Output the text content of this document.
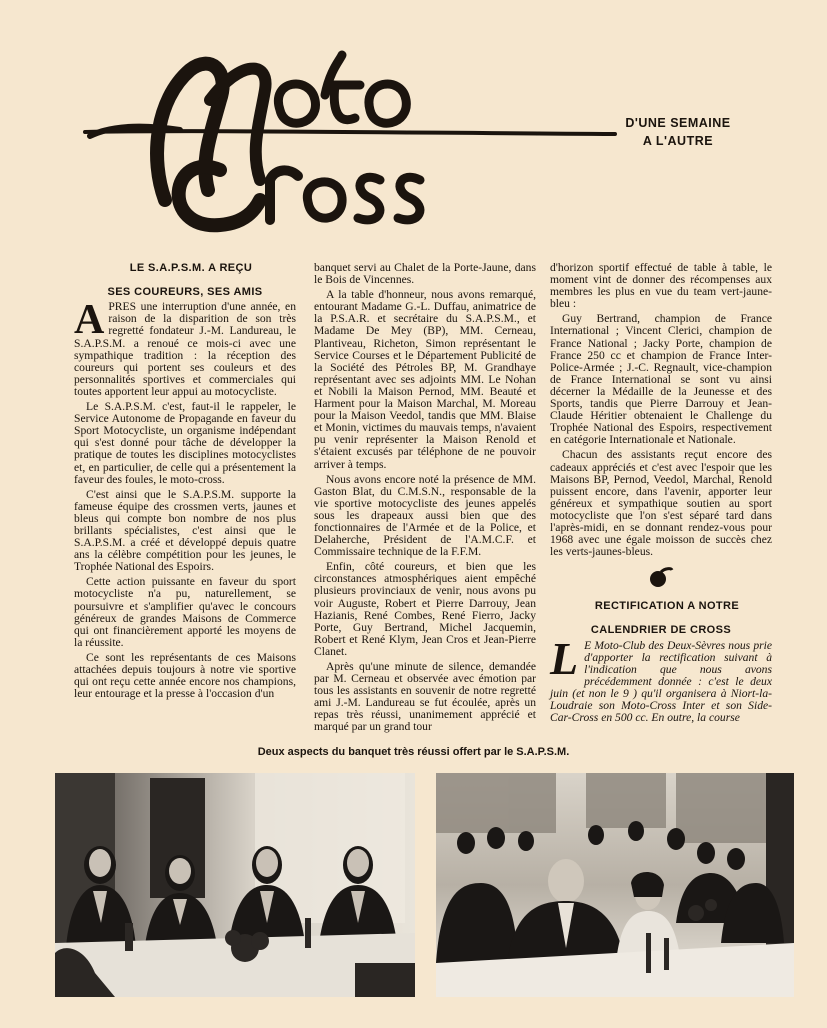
Moto Cross
D'UNE SEMAINE
A L'AUTRE

LE S.A.P.S.M. A REÇU

SES COUREURS, SES AMIS

APRES une interruption d'une année, en raison de la disparition de son très regretté fondateur J.-M. Landureau, le S.A.P.S.M. a renoué ce mois-ci avec une sympathique tradition : la réception des coureurs qui portent ses couleurs et des personnalités sportives et commerciales qui toutes apportent leur appui au motocycliste.

Le S.A.P.S.M. c'est, faut-il le rappeler, le Service Autonome de Propagande en faveur du Sport Motocycliste, un organisme indépendant qui s'est donné pour tâche de développer la pratique de toutes les disciplines motocyclistes et, en particulier, de celle qui a présentement la faveur des foules, le moto-cross.

C'est ainsi que le S.A.P.S.M. supporte la fameuse équipe des crossmen verts, jaunes et bleus qui compte bon nombre de nos plus brillants spécialistes, c'est ainsi que le S.A.P.S.M. a créé et développé depuis quatre ans la célèbre compétition pour les jeunes, le Trophée National des Espoirs.

Cette action puissante en faveur du sport motocycliste n'a pu, naturellement, se poursuivre et s'amplifier qu'avec le concours généreux de grandes Maisons de Commerce qui ont financièrement apporté les moyens de la réussite.

Ce sont les représentants de ces Maisons attachées depuis toujours à notre vie sportive qui ont reçu cette année encore nos champions, leur entourage et la presse à l'occasion d'un

banquet servi au Chalet de la Porte-Jaune, dans le Bois de Vincennes.

A la table d'honneur, nous avons remarqué, entourant Madame G.-L. Duffau, animatrice de la P.S.A.R. et secrétaire du S.A.P.S.M., et Madame De Mey (BP), MM. Cerneau, Plantiveau, Richeton, Simon représentant le Service Courses et le Département Publicité de la Société des Pétroles BP, M. Grandhaye représentant avec ses adjoints MM. Le Nohan et Nobili la Maison Pernod, MM. Beauté et Harment pour la Maison Marchal, M. Moreau pour la Maison Veedol, tandis que MM. Blaise et Monin, victimes du mauvais temps, n'avaient pu venir représenter la Maison Renold et s'étaient excusés par téléphone de ne pouvoir arriver à temps.

Nous avons encore noté la présence de MM. Gaston Blat, du C.M.S.N., responsable de la vie sportive motocycliste des jeunes appelés sous les drapeaux aussi bien que des fonctionnaires de l'Armée et de la Police, et Delaherche, Président de l'A.M.C.F. et Commissaire technique de la F.F.M.

Enfin, côté coureurs, et bien que les circonstances atmosphériques aient empêché plusieurs provinciaux de venir, nous avons pu voir Auguste, Robert et Pierre Darrouy, Jean Hazianis, René Combes, René Fierro, Jacky Porte, Guy Bertrand, Michel Jacquemin, Robert et René Klym, Jean Cros et Jean-Pierre Clanet.

Après qu'une minute de silence, demandée par M. Cerneau et observée avec émotion par tous les assistants en souvenir de notre regretté ami J.-M. Landureau se fut écoulée, après un repas très réussi, unanimement apprécié et marqué par un grand tour

d'horizon sportif effectué de table à table, le moment vint de donner des récompenses aux membres les plus en vue du team vert-jaune-bleu :

Guy Bertrand, champion de France International ; Vincent Clerici, champion de France National ; Jacky Porte, champion de France 250 cc et champion de France Inter-Police-Armée ; J.-C. Regnault, vice-champion de France International se sont vu ainsi décerner la Médaille de la Jeunesse et des Sports, tandis que Pierre Darrouy et Jean-Claude Héritier obtenaient le Challenge du Trophée National des Espoirs, respectivement en catégorie Internationale et Nationale.

Chacun des assistants reçut encore des cadeaux appréciés et c'est avec l'espoir que les Maisons BP, Pernod, Veedol, Marchal, Renold puissent encore, dans l'avenir, apporter leur généreux et sympathique soutien au sport motocycliste que l'on s'est séparé tard dans l'après-midi, en se donnant rendez-vous pour 1968 avec une égale moisson de succès chez les verts-jaunes-bleus.

RECTIFICATION A NOTRE

CALENDRIER DE CROSS

L E Moto-Club des Deux-Sèvres nous prie d'apporter la rectification suivant à l'indication que nous avons précédemment donnée : c'est le deux juin (et non le 9 ) qu'il organisera à Niort-la-Loudraie son Moto-Cross Inter et son Side-Car-Cross en 500 cc. En outre, la course

Deux aspects du banquet très réussi offert par le S.A.P.S.M.
